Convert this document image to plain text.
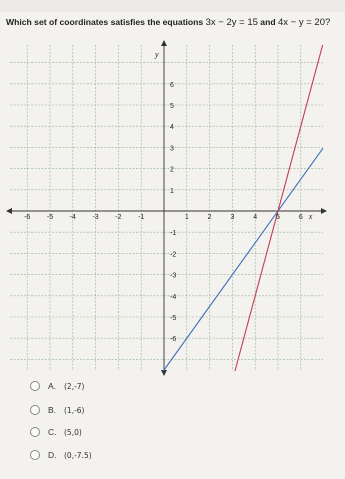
Which set of coordinates satisfies the equations 3x − 2y = 15 and 4x − y = 20?
-6 -5 -4 -3 -2 -1	1	2	3	4	5	6
6
5
4
3
2
1
-1
-2
-3
-4
-5
-6
x
y
A.	(2,-7)
B.	(1,-6)
C.	(5,0)
D.	(0,-7.5)
